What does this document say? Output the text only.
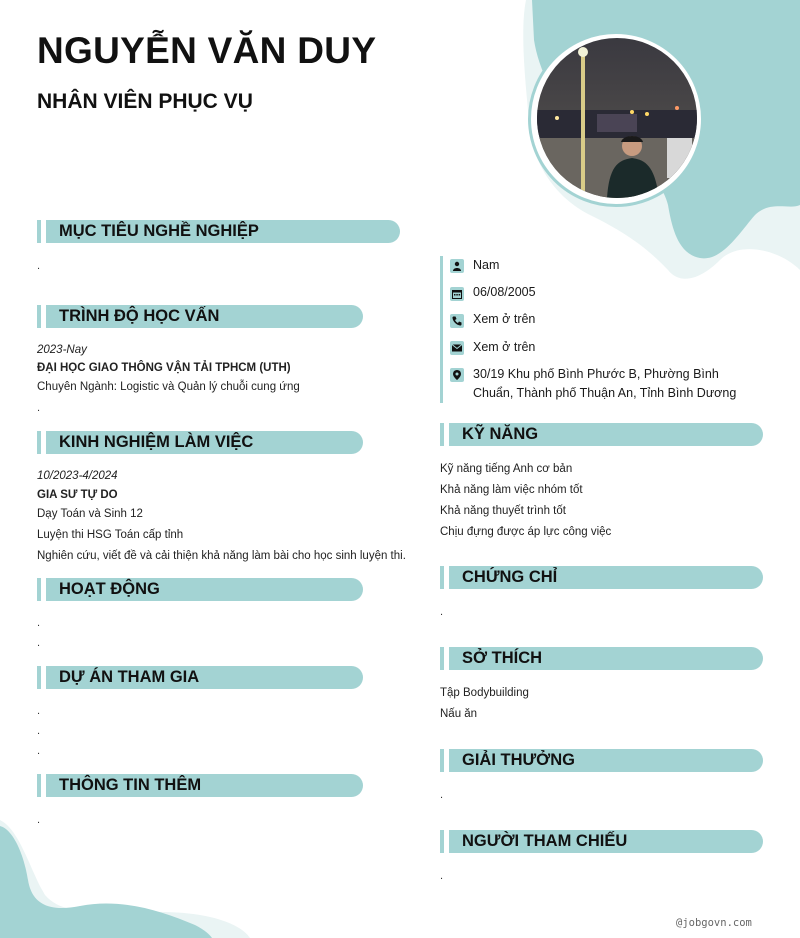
NGUYỄN VĂN DUY
NHÂN VIÊN PHỤC VỤ
MỤC TIÊU NGHỀ NGHIỆP
.
TRÌNH ĐỘ HỌC VẤN
2023-Nay
ĐẠI HỌC GIAO THÔNG VẬN TẢI TPHCM (UTH)
Chuyên Ngành: Logistic và Quản lý chuỗi cung ứng
.
KINH NGHIỆM LÀM VIỆC
10/2023-4/2024
GIA SƯ TỰ DO
Dạy Toán và Sinh 12
Luyện thi HSG Toán cấp tỉnh
Nghiên cứu, viết đề và cải thiện khả năng làm bài cho học sinh luyện thi.
HOẠT ĐỘNG
.
.
DỰ ÁN THAM GIA
.
.
.
THÔNG TIN THÊM
.
Nam
06/08/2005
Xem ở trên
Xem ở trên
30/19 Khu phố Bình Phước B, Phường Bình
Chuẩn, Thành phố Thuận An, Tỉnh Bình Dương
KỸ NĂNG
Kỹ năng tiếng Anh cơ bản
Khả năng làm việc nhóm tốt
Khả năng thuyết trình tốt
Chịu đựng được áp lực công việc
CHỨNG CHỈ
.
SỞ THÍCH
Tập Bodybuilding
Nấu ăn
GIẢI THƯỞNG
.
NGƯỜI THAM CHIẾU
.
@jobgovn.com
